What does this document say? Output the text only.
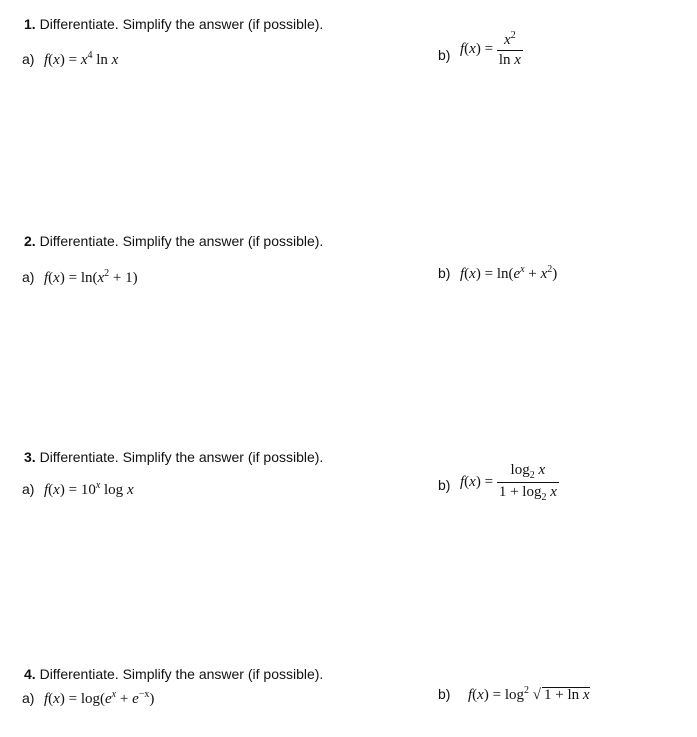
1. Differentiate. Simplify the answer (if possible).
a) $f(x) = x^4$ ln x	b) $f(x) = \frac{x^2}{\text{ln x}}$
2. Differentiate. Simplify the answer (if possible).
a) $f(x) = \ln(x^2 + 1)$	b) $f(x) = \ln(e^x + x^2)$
3. Differentiate. Simplify the answer (if possible).
a) $f(x) = 10^x$ log x	b) $f(x) = \frac{\log_2 x}{1 + \log_2 x}$
4. Differentiate. Simplify the answer (if possible).
a) $f(x) = \log(e^x + e^{-x})$	b) $f(x) = \log^2$ √ 1 + ln x
